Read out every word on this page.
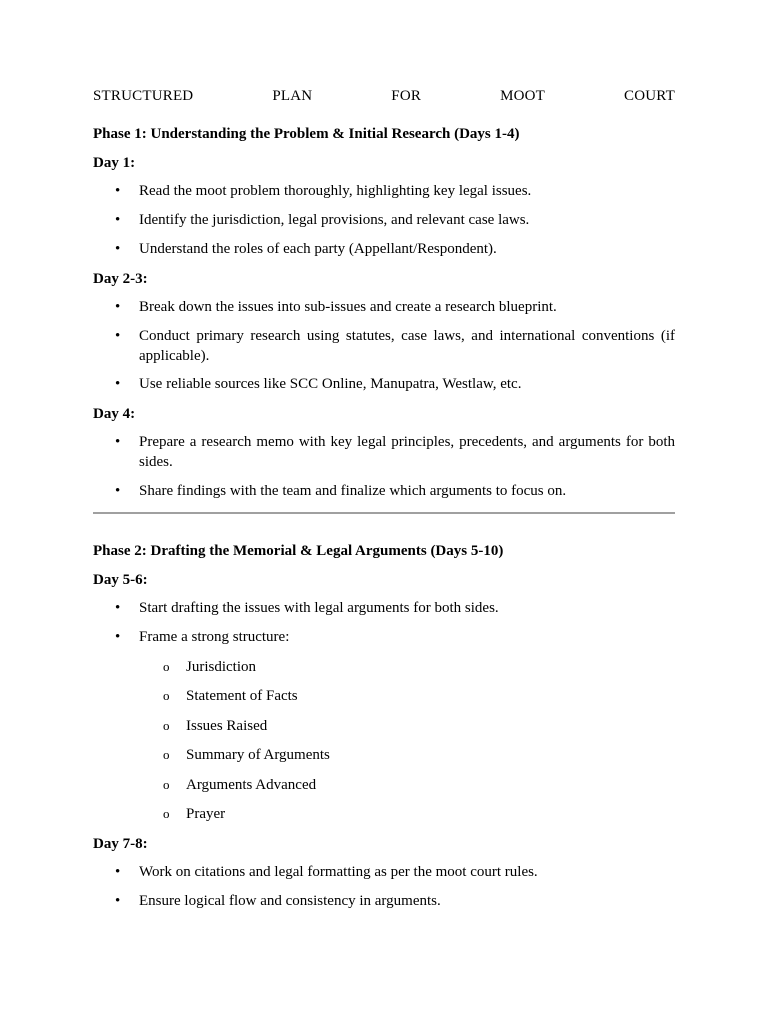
STRUCTURED	PLAN	FOR	MOOT	COURT
Phase 1: Understanding the Problem & Initial Research (Days 1-4)
Day 1:
• Read the moot problem thoroughly, highlighting key legal issues.
• Identify the jurisdiction, legal provisions, and relevant case laws.
• Understand the roles of each party (Appellant/Respondent).
Day 2-3:
• Break down the issues into sub-issues and create a research blueprint.
• Conduct primary research using statutes, case laws, and international conventions (if applicable).
• Use reliable sources like SCC Online, Manupatra, Westlaw, etc.
Day 4:
• Prepare a research memo with key legal principles, precedents, and arguments for both sides.
• Share findings with the team and finalize which arguments to focus on.
Phase 2: Drafting the Memorial & Legal Arguments (Days 5-10)
Day 5-6:
• Start drafting the issues with legal arguments for both sides.
• Frame a strong structure:
o Jurisdiction
o Statement of Facts
o Issues Raised
o Summary of Arguments
o Arguments Advanced
o Prayer
Day 7-8:
• Work on citations and legal formatting as per the moot court rules.
• Ensure logical flow and consistency in arguments.
